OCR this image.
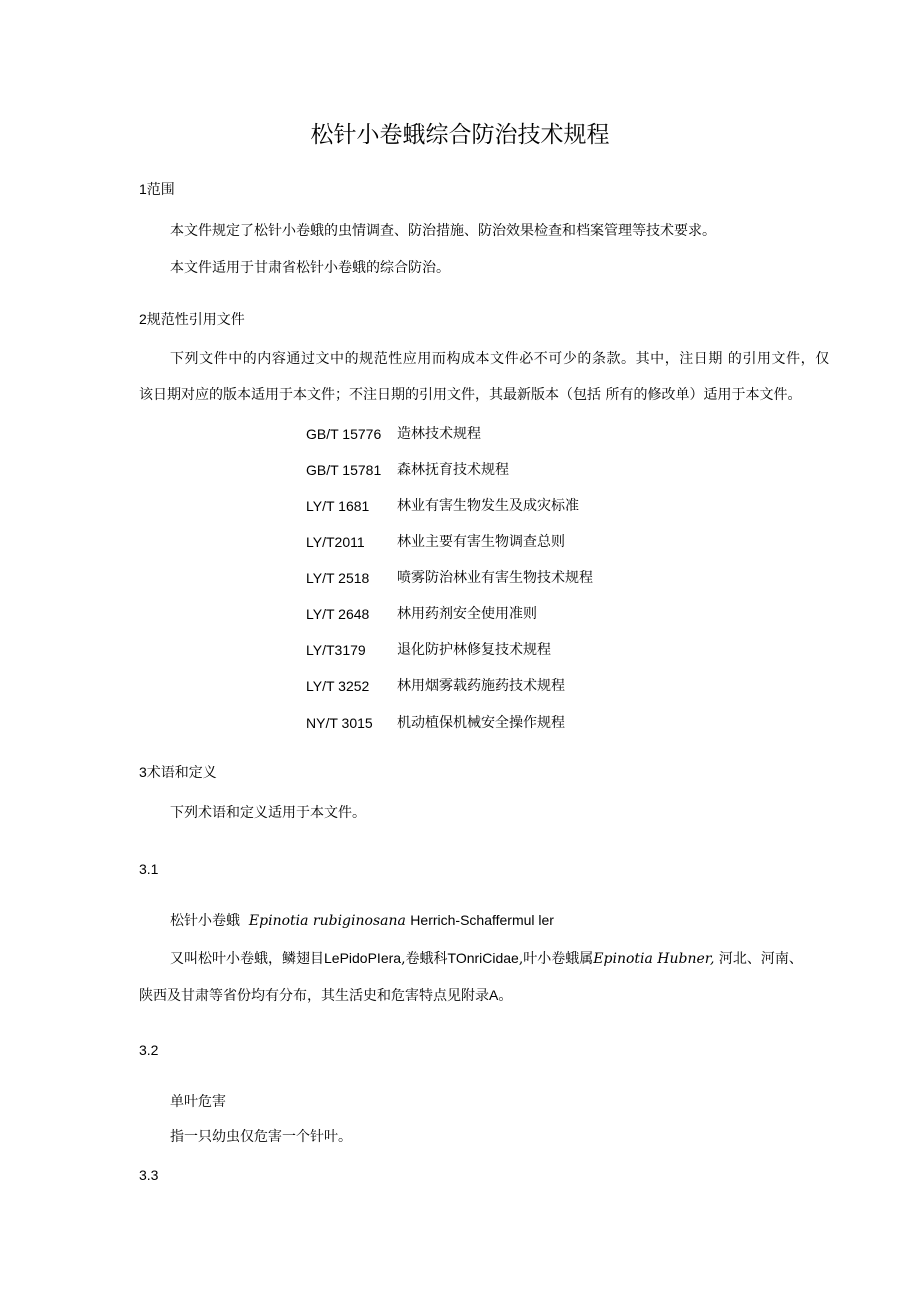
松针小卷蛾综合防治技术规程

1范围

本文件规定了松针小卷蛾的虫情调查、防治措施、防治效果检查和档案管理等技术要求。

本文件适用于甘肃省松针小卷蛾的综合防治。

2规范性引用文件

下列文件中的内容通过文中的规范性应用而构成本文件必不可少的条款。其中，注日期 的引用文件，仅

该日期对应的版本适用于本文件；不注日期的引用文件，其最新版本（包括 所有的修改单）适用于本文件。

GB/T 15776 造林技术规程
GB/T 15781 森林抚育技术规程
LY/T 1681 林业有害生物发生及成灾标准
LY/T2011 林业主要有害生物调查总则
LY/T 2518 喷雾防治林业有害生物技术规程
LY/T 2648 林用药剂安全使用准则
LY/T3179 退化防护林修复技术规程
LY/T 3252 林用烟雾载药施药技术规程
NY/T 3015 机动植保机械安全操作规程

3术语和定义

下列术语和定义适用于本文件。

3.1

松针小卷蛾 Epinotia rubiginosana Herrich-Schaffermul ler

又叫松叶小卷蛾，鳞翅目LePidoPIera,卷蛾科TOnriCidae,叶小卷蛾属Epinotia Hubner, 河北、河南、

陕西及甘肃等省份均有分布，其生活史和危害特点见附录A。

3.2

单叶危害

指一只幼虫仅危害一个针叶。

3.3
